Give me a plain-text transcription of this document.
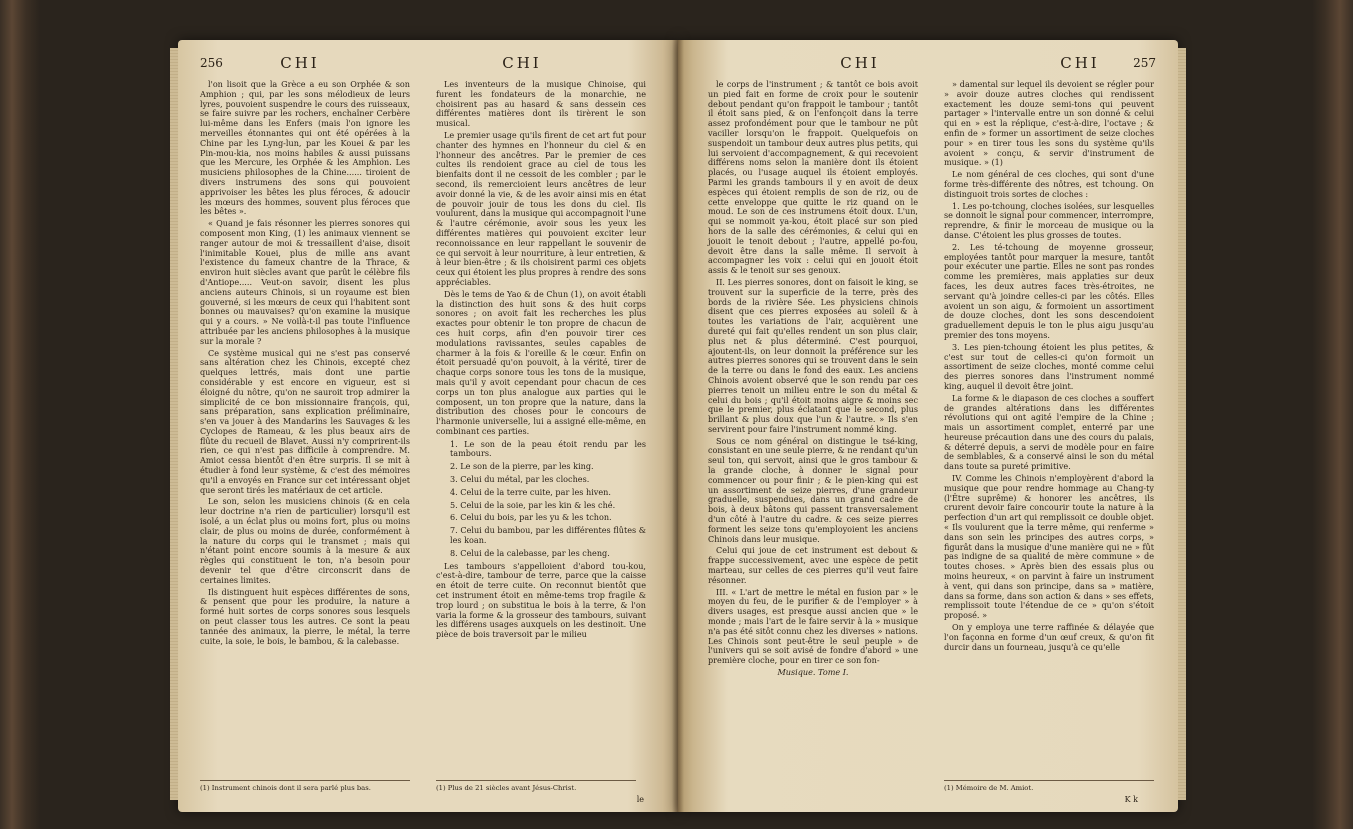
256	CHI	CHI

l'on lisoit que la Grèce a eu son Orphée & son Amphion ; qui, par les sons mélodieux de leurs lyres, pouvoient suspendre le cours des ruisseaux, se faire suivre par les rochers, enchaîner Cerbère lui-même dans les Enfers (mais l'on ignore les merveilles étonnantes qui ont été opérées à la Chine par les Lyng-lun, par les Kouei & par les Pin-mou-kia, nos moins habiles & aussi puissans que les Mercure, les Orphée & les Amphion. Les musiciens philosophes de la Chine...... tiroient de divers instrumens des sons qui pouvoient apprivoiser les bêtes les plus féroces, & adoucir les mœurs des hommes, souvent plus féroces que les bêtes ».

« Quand je fais résonner les pierres sonores qui composent mon King, (1) les animaux viennent se ranger autour de moi & tressaillent d'aise, disoit l'inimitable Kouei, plus de mille ans avant l'existence du fameux chantre de la Thrace, & environ huit siècles avant que parût le célèbre fils d'Antiope..... Veut-on savoir, disent les plus anciens auteurs Chinois, si un royaume est bien gouverné, si les mœurs de ceux qui l'habitent sont bonnes ou mauvaises? qu'on examine la musique qui y a cours. » Ne voilà-t-il pas toute l'influence attribuée par les anciens philosophes à la musique sur la morale ?

Ce système musical qui ne s'est pas conservé sans altération chez les Chinois, excepté chez quelques lettrés, mais dont une partie considérable y est encore en vigueur, est si éloigné du nôtre, qu'on ne sauroit trop admirer la simplicité de ce bon missionnaire françois, qui, sans préparation, sans explication préliminaire, s'en va jouer à des Mandarins les Sauvages & les Cyclopes de Rameau, & les plus beaux airs de flûte du recueil de Blavet. Aussi n'y comprirent-ils rien, ce qui n'est pas difficile à comprendre. M. Amiot cessa bientôt d'en être surpris. Il se mit à étudier à fond leur système, & c'est des mémoires qu'il a envoyés en France sur cet intéressant objet que seront tirés les matériaux de cet article.

Le son, selon les musiciens chinois (& en cela leur doctrine n'a rien de particulier) lorsqu'il est isolé, a un éclat plus ou moins fort, plus ou moins clair, de plus ou moins de durée, conformément à la nature du corps qui le transmet ; mais qui n'étant point encore soumis à la mesure & aux règles qui constituent le ton, n'a besoin pour devenir tel que d'être circonscrit dans de certaines limites.

Ils distinguent huit espèces différentes de sons, & pensent que pour les produire, la nature a formé huit sortes de corps sonores sous lesquels on peut classer tous les autres. Ce sont la peau tannée des animaux, la pierre, le métal, la terre cuite, la soie, le bois, le bambou, & la calebasse.

Les inventeurs de la musique Chinoise, qui furent les fondateurs de la monarchie, ne choisirent pas au hasard & sans dessein ces différentes matières dont ils tirèrent le son musical.

Le premier usage qu'ils firent de cet art fut pour chanter des hymnes en l'honneur du ciel & en l'honneur des ancêtres. Par le premier de ces cultes ils rendoient grace au ciel de tous les bienfaits dont il ne cessoit de les combler ; par le second, ils remercioient leurs ancêtres de leur avoir donné la vie, & de les avoir ainsi mis en état de pouvoir jouir de tous les dons du ciel. Ils voulurent, dans la musique qui accompagnoit l'une & l'autre cérémonie, avoir sous les yeux les différentes matières qui pouvoient exciter leur reconnoissance en leur rappellant le souvenir de ce qui servoit à leur nourriture, à leur entretien, & à leur bien-être ; & ils choisirent parmi ces objets ceux qui étoient les plus propres à rendre des sons appréciables.

Dès le tems de Yao & de Chun (1), on avoit établi la distinction des huit sons & des huit corps sonores ; on avoit fait les recherches les plus exactes pour obtenir le ton propre de chacun de ces huit corps, afin d'en pouvoir tirer ces modulations ravissantes, seules capables de charmer à la fois & l'oreille & le cœur. Enfin on étoit persuadé qu'on pouvoit, à la vérité, tirer de chaque corps sonore tous les tons de la musique, mais qu'il y avoit cependant pour chacun de ces corps un ton plus analogue aux parties qui le composent, un ton propre que la nature, dans la distribution des choses pour le concours de l'harmonie universelle, lui a assigné elle-même, en combinant ces parties.

1. Le son de la peau étoit rendu par les tambours.
2. Le son de la pierre, par les king.
3. Celui du métal, par les cloches.
4. Celui de la terre cuite, par les hiven.
5. Celui de la soie, par les kin & les ché.
6. Celui du bois, par les yu & les tchon.
7. Celui du bambou, par les différentes flûtes & les koan.
8. Celui de la calebasse, par les cheng.

Les tambours s'appelloient d'abord tou-kou, c'est-à-dire, tambour de terre, parce que la caisse en étoit de terre cuite. On reconnut bientôt que cet instrument étoit en même-tems trop fragile & trop lourd ; on substitua le bois à la terre, & l'on varia la forme & la grosseur des tambours, suivant les différens usages auxquels on les destinoit. Une pièce de bois traversoit par le milieu

(1) Instrument chinois dont il sera parlé plus bas.	(1) Plus de 21 siècles avant Jésus-Christ.
le
CHI	CHI	257

le corps de l'instrument ; & tantôt ce bois avoit un pied fait en forme de croix pour le soutenir debout pendant qu'on frappoit le tambour ; tantôt il étoit sans pied, & on l'enfonçoit dans la terre assez profondément pour que le tambour ne pût vaciller lorsqu'on le frappoit. Quelquefois on suspendoit un tambour deux autres plus petits, qui lui servoient d'accompagnement, & qui recevoient différens noms selon la manière dont ils étoient placés, ou l'usage auquel ils étoient employés. Parmi les grands tambours il y en avoit de deux espèces qui étoient remplis de son de riz, ou de cette enveloppe que quitte le riz quand on le moud. Le son de ces instrumens étoit doux. L'un, qui se nommoit ya-kou, étoit placé sur son pied hors de la salle des cérémonies, & celui qui en jouoit le tenoit debout ; l'autre, appellé po-fou, devoit être dans la salle même. Il servoit à accompagner les voix : celui qui en jouoit étoit assis & le tenoit sur ses genoux.

II. Les pierres sonores, dont on faisoit le king, se trouvent sur la superficie de la terre, près des bords de la rivière Sée. Les physiciens chinois disent que ces pierres exposées au soleil & à toutes les variations de l'air, acquièrent une dureté qui fait qu'elles rendent un son plus clair, plus net & plus déterminé. C'est pourquoi, ajoutent-ils, on leur donnoit la préférence sur les autres pierres sonores qui se trouvent dans le sein de la terre ou dans le fond des eaux. Les anciens Chinois avoient observé que le son rendu par ces pierres tenoit un milieu entre le son du métal & celui du bois ; qu'il étoit moins aigre & moins sec que le premier, plus éclatant que le second, plus brillant & plus doux que l'un & l'autre. » Ils s'en servirent pour faire l'instrument nommé king.

Sous ce nom général on distingue le tsé-king, consistant en une seule pierre, & ne rendant qu'un seul ton, qui servoit, ainsi que le gros tambour & la grande cloche, à donner le signal pour commencer ou pour finir ; & le pien-king qui est un assortiment de seize pierres, d'une grandeur graduelle, suspendues, dans un grand cadre de bois, à deux bâtons qui passent transversalement d'un côté à l'autre du cadre. & ces seize pierres forment les seize tons qu'employoient les anciens Chinois dans leur musique.

Celui qui joue de cet instrument est debout & frappe successivement, avec une espèce de petit marteau, sur celles de ces pierres qu'il veut faire résonner.

III. « L'art de mettre le métal en fusion par » le moyen du feu, de le purifier & de l'employer » à divers usages, est presque aussi ancien que » le monde ; mais l'art de le faire servir à la » musique n'a pas été sitôt connu chez les diverses » nations. Les Chinois sont peut-être le seul peuple » de l'univers qui se soit avisé de fondre d'abord » une première cloche, pour en tirer ce son fon-

Musique. Tome I.

» damental sur lequel ils devoient se régler pour » avoir douze autres cloches qui rendissent exactement les douze semi-tons qui peuvent partager » l'intervalle entre un son donné & celui qui en » est la réplique, c'est-à-dire, l'octave ; & enfin de » former un assortiment de seize cloches pour » en tirer tous les sons du système qu'ils avoient » conçu, & servir d'instrument de musique. » (1)

Le nom général de ces cloches, qui sont d'une forme très-différente des nôtres, est tchoung. On distinguoit trois sortes de cloches :

1. Les po-tchoung, cloches isolées, sur lesquelles se donnoit le signal pour commencer, interrompre, reprendre, & finir le morceau de musique ou la danse. C'étoient les plus grosses de toutes.

2. Les té-tchoung de moyenne grosseur, employées tantôt pour marquer la mesure, tantôt pour exécuter une partie. Elles ne sont pas rondes comme les premières, mais applaties sur deux faces, les deux autres faces très-étroites, ne servant qu'à joindre celles-ci par les côtés. Elles avoient un son aigu, & formoient un assortiment de douze cloches, dont les sons descendoient graduellement depuis le ton le plus aigu jusqu'au premier des tons moyens.

3. Les pien-tchoung étoient les plus petites, & c'est sur tout de celles-ci qu'on formoit un assortiment de seize cloches, monté comme celui des pierres sonores dans l'instrument nommé king, auquel il devoit être joint.

La forme & le diapason de ces cloches a souffert de grandes altérations dans les différentes révolutions qui ont agité l'empire de la Chine ; mais un assortiment complet, enterré par une heureuse précaution dans une des cours du palais, & déterré depuis, a servi de modèle pour en faire de semblables, & a conservé ainsi le son du métal dans toute sa pureté primitive.

IV. Comme les Chinois n'employèrent d'abord la musique que pour rendre hommage au Chang-ty (l'Être suprême) & honorer les ancêtres, ils crurent devoir faire concourir toute la nature à la perfection d'un art qui remplissoit ce double objet. « Ils voulurent que la terre même, qui renferme » dans son sein les principes des autres corps, » figurât dans la musique d'une manière qui ne » fût pas indigne de sa qualité de mère commune » de toutes choses. » Après bien des essais plus ou moins heureux, « on parvint à faire un instrument à vent, qui dans son principe, dans sa » matière, dans sa forme, dans son action & dans » ses effets, remplissoit toute l'étendue de ce » qu'on s'étoit proposé. »

On y employa une terre raffinée & délayée que l'on façonna en forme d'un œuf creux, & qu'on fit durcir dans un fourneau, jusqu'à ce qu'elle

(1) Mémoire de M. Amiot.
K k
